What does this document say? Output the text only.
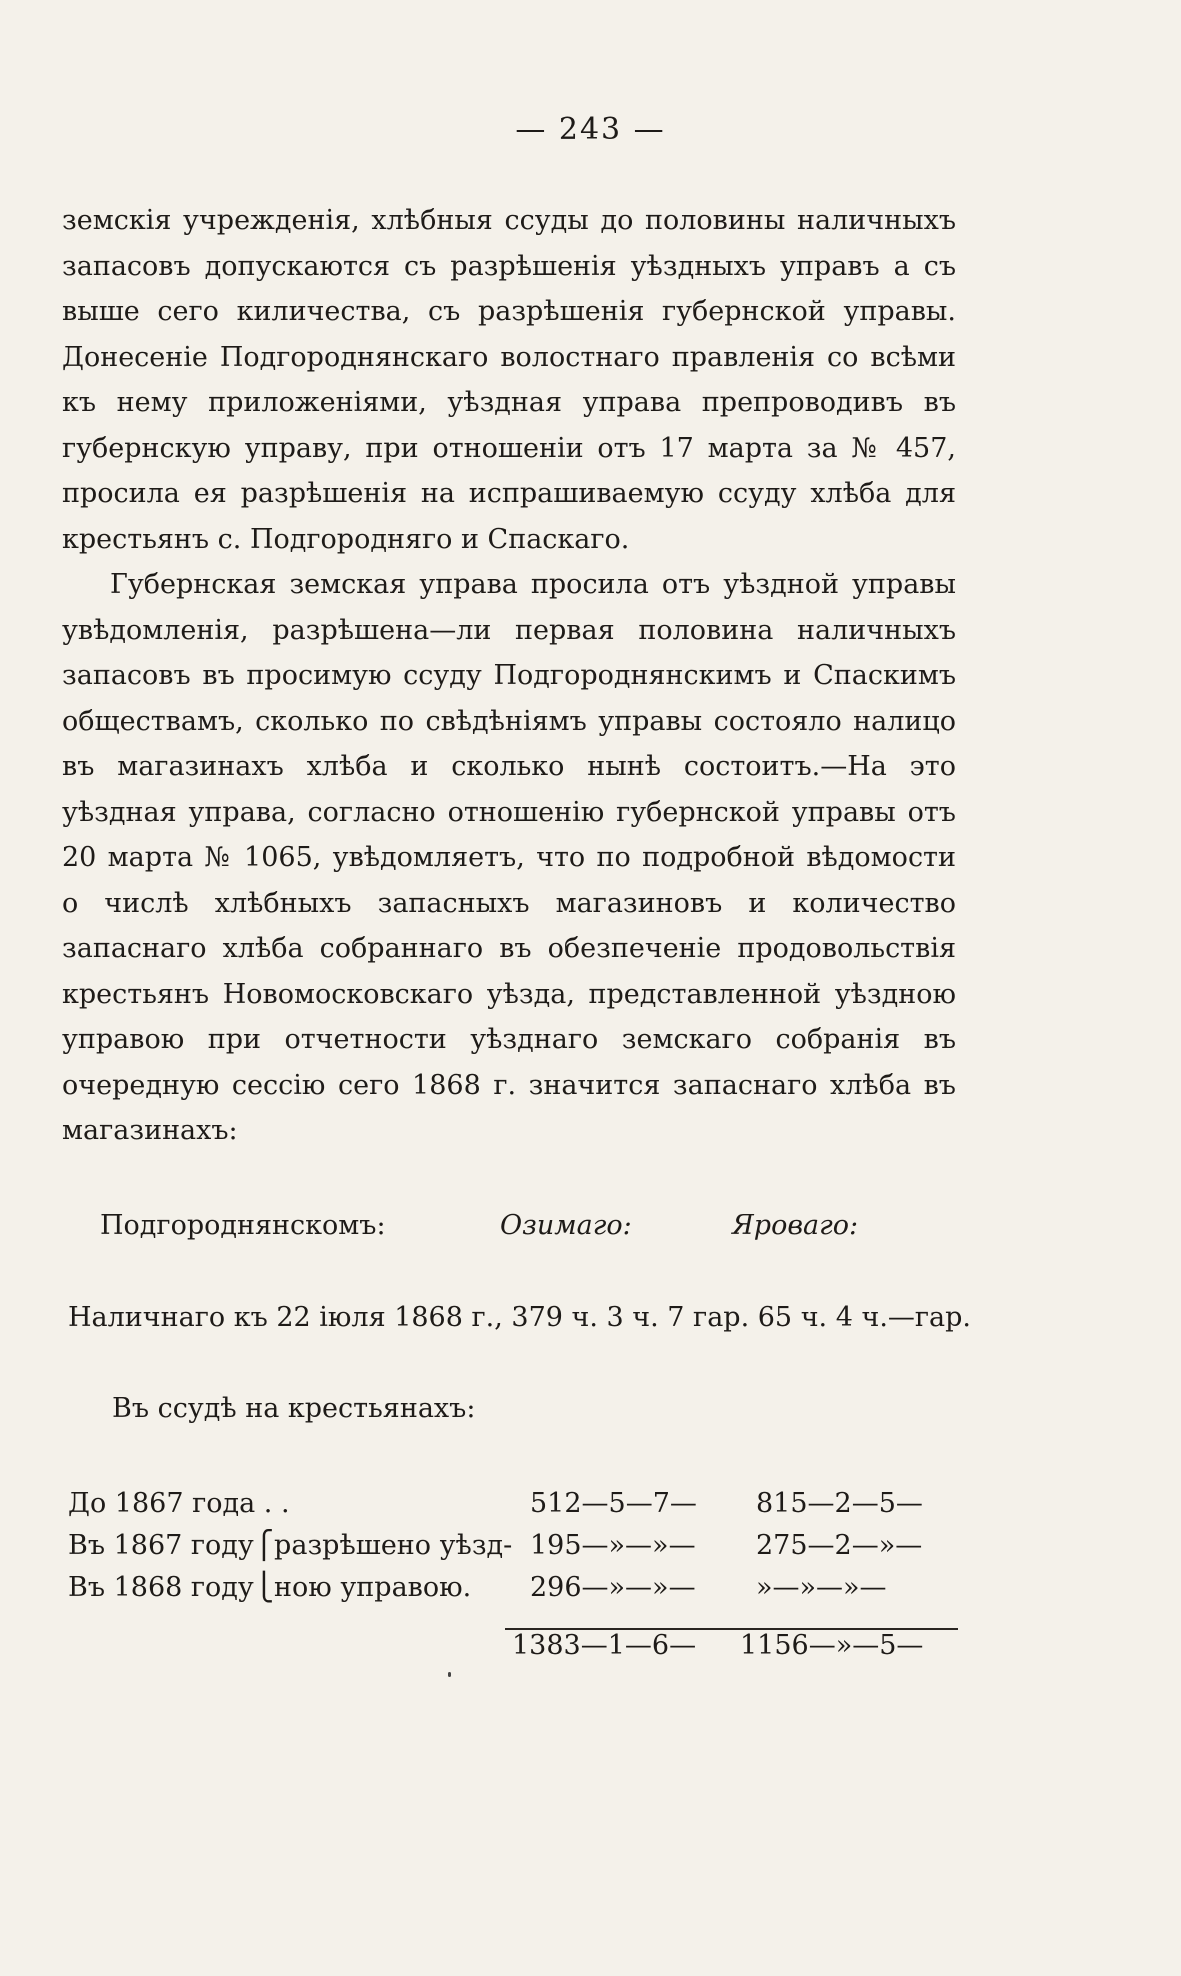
— 243 —

земскія учрежденія, хлѣбныя ссуды до половины наличныхъ запасовъ допускаются съ разрѣшенія уѣздныхъ управъ а съ выше сего киличества, съ разрѣшенія губернской управы. Донесеніе Подгороднянскаго волостнаго правленія со всѣми къ нему приложеніями, уѣздная управа препроводивъ въ губернскую управу, при отношеніи отъ 17 марта за № 457, просила ея разрѣшенія на испрашиваемую ссуду хлѣба для крестьянъ с. Подгородняго и Спаскаго.

Губернская земская управа просила отъ уѣздной управы увѣдомленія, разрѣшена—ли первая половина наличныхъ запасовъ въ просимую ссуду Подгороднянскимъ и Спаскимъ обществамъ, сколько по свѣдѣніямъ управы состояло налицо въ магазинахъ хлѣба и сколько нынѣ состоитъ.—На это уѣздная управа, согласно отношенію губернской управы отъ 20 марта № 1065, увѣдомляетъ, что по подробной вѣдомости о числѣ хлѣбныхъ запасныхъ магазиновъ и количество запаснаго хлѣба собраннаго въ обезпеченіе продовольствія крестьянъ Новомосковскаго уѣзда, представленной уѣздною управою при отчетности уѣзднаго земскаго собранія въ очередную сессію сего 1868 г. значится запаснаго хлѣба въ магазинахъ:

Подгороднянскомъ:	Озимаго:	Яроваго:
Наличнаго къ 22 іюля 1868 г., 379 ч. 3 ч. 7 гар. 65 ч. 4 ч.—гар.
Въ ссудѣ на крестьянахъ:
До 1867 года . .	512—5—7— 815—2—5—
Въ 1867 году⎧разрѣшено уѣзд- 195—»—»— 275—2—»—
Въ 1868 году⎩ною управою. 296—»—»— »—»—»—
1383—1—6— 1156—»—5—
